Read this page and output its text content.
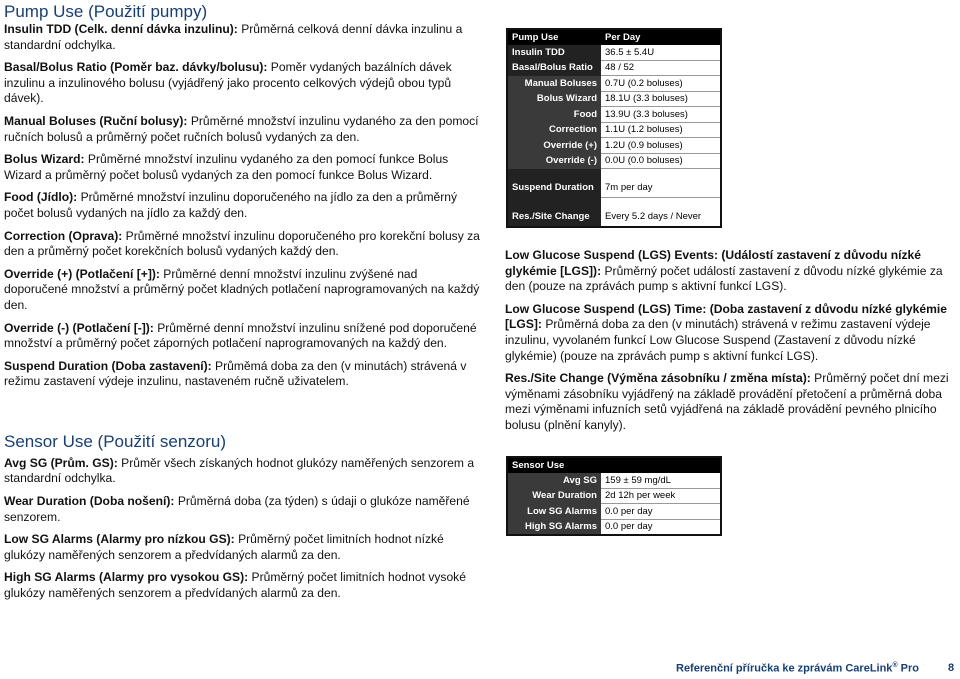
Pump Use (Použití pumpy)

Insulin TDD (Celk. denní dávka inzulinu): Průměrná celková denní dávka inzulinu a standardní odchylka.

Basal/Bolus Ratio (Poměr baz. dávky/bolusu): Poměr vydaných bazálních dávek inzulinu a inzulinového bolusu (vyjádřený jako procento celkových výdejů obou typů dávek).

Manual Boluses (Ruční bolusy): Průměrné množství inzulinu vydaného za den pomocí ručních bolusů a průměrný počet ručních bolusů vydaných za den.

Bolus Wizard: Průměrné množství inzulinu vydaného za den pomocí funkce Bolus Wizard a průměrný počet bolusů vydaných za den pomocí funkce Bolus Wizard.

Food (Jídlo): Průměrné množství inzulinu doporučeného na jídlo za den a průměrný počet bolusů vydaných na jídlo za každý den.

Correction (Oprava): Průměrné množství inzulinu doporučeného pro korekční bolusy za den a průměrný počet korekčních bolusů vydaných každý den.

Override (+) (Potlačení [+]): Průměrné denní množství inzulinu zvýšené nad doporučené množství a průměrný počet kladných potlačení naprogramovaných na každý den.

Override (-) (Potlačení [-]): Průměrné denní množství inzulinu snížené pod doporučené množství a průměrný počet záporných potlačení naprogramovaných na každý den.

Suspend Duration (Doba zastavení): Průměmá doba za den (v minutách) strávená v režimu zastavení výdeje inzulinu, nastaveném ručně uživatelem.

Sensor Use (Použití senzoru)

Avg SG (Prům. GS): Průměr všech získaných hodnot glukózy naměřených senzorem a standardní odchylka.

Wear Duration (Doba nošení): Průměrná doba (za týden) s údaji o glukóze naměřené senzorem.

Low SG Alarms (Alarmy pro nízkou GS): Průměrný počet limitních hodnot nízké glukózy naměřených senzorem a předvídaných alarmů za den.

High SG Alarms (Alarmy pro vysokou GS): Průměrný počet limitních hodnot vysoké glukózy naměřených senzorem a předvídaných alarmů za den.

Pump Use	Per Day
Insulin TDD	36.5 ± 5.4U
Basal/Bolus Ratio	48 / 52
Manual Boluses	0.7U (0.2 boluses)
Bolus Wizard	18.1U (3.3 boluses)
Food	13.9U (3.3 boluses)
Correction	1.1U (1.2 boluses)
Override (+)	1.2U (0.9 boluses)
Override (-)	0.0U (0.0 boluses)

Suspend Duration	7m per day

Res./Site Change	Every 5.2 days / Never

Low Glucose Suspend (LGS) Events: (Událostí zastavení z důvodu nízké glykémie [LGS]): Průměrný počet událostí zastavení z důvodu nízké glykémie za den (pouze na zprávách pump s aktivní funkcí LGS).

Low Glucose Suspend (LGS) Time: (Doba zastavení z důvodu nízké glykémie [LGS]: Průměrná doba za den (v minutách) strávená v režimu zastavení výdeje inzulinu, vyvolaném funkcí Low Glucose Suspend (Zastavení z důvodu nízké glykémie) (pouze na zprávách pump s aktivní funkcí LGS).

Res./Site Change (Výměna zásobníku / změna místa): Průměrný počet dní mezi výměnami zásobníku vyjádřený na základě provádění přetočení a průměrná doba mezi výměnami infuzních setů vyjádřená na základě provádění pevného plnicího bolusu (plnění kanyly).

Sensor Use	
Avg SG	159 ± 59 mg/dL
Wear Duration	2d 12h per week
Low SG Alarms	0.0 per day
High SG Alarms	0.0 per day
Referenční příručka ke zprávám CareLink® Pro	8
